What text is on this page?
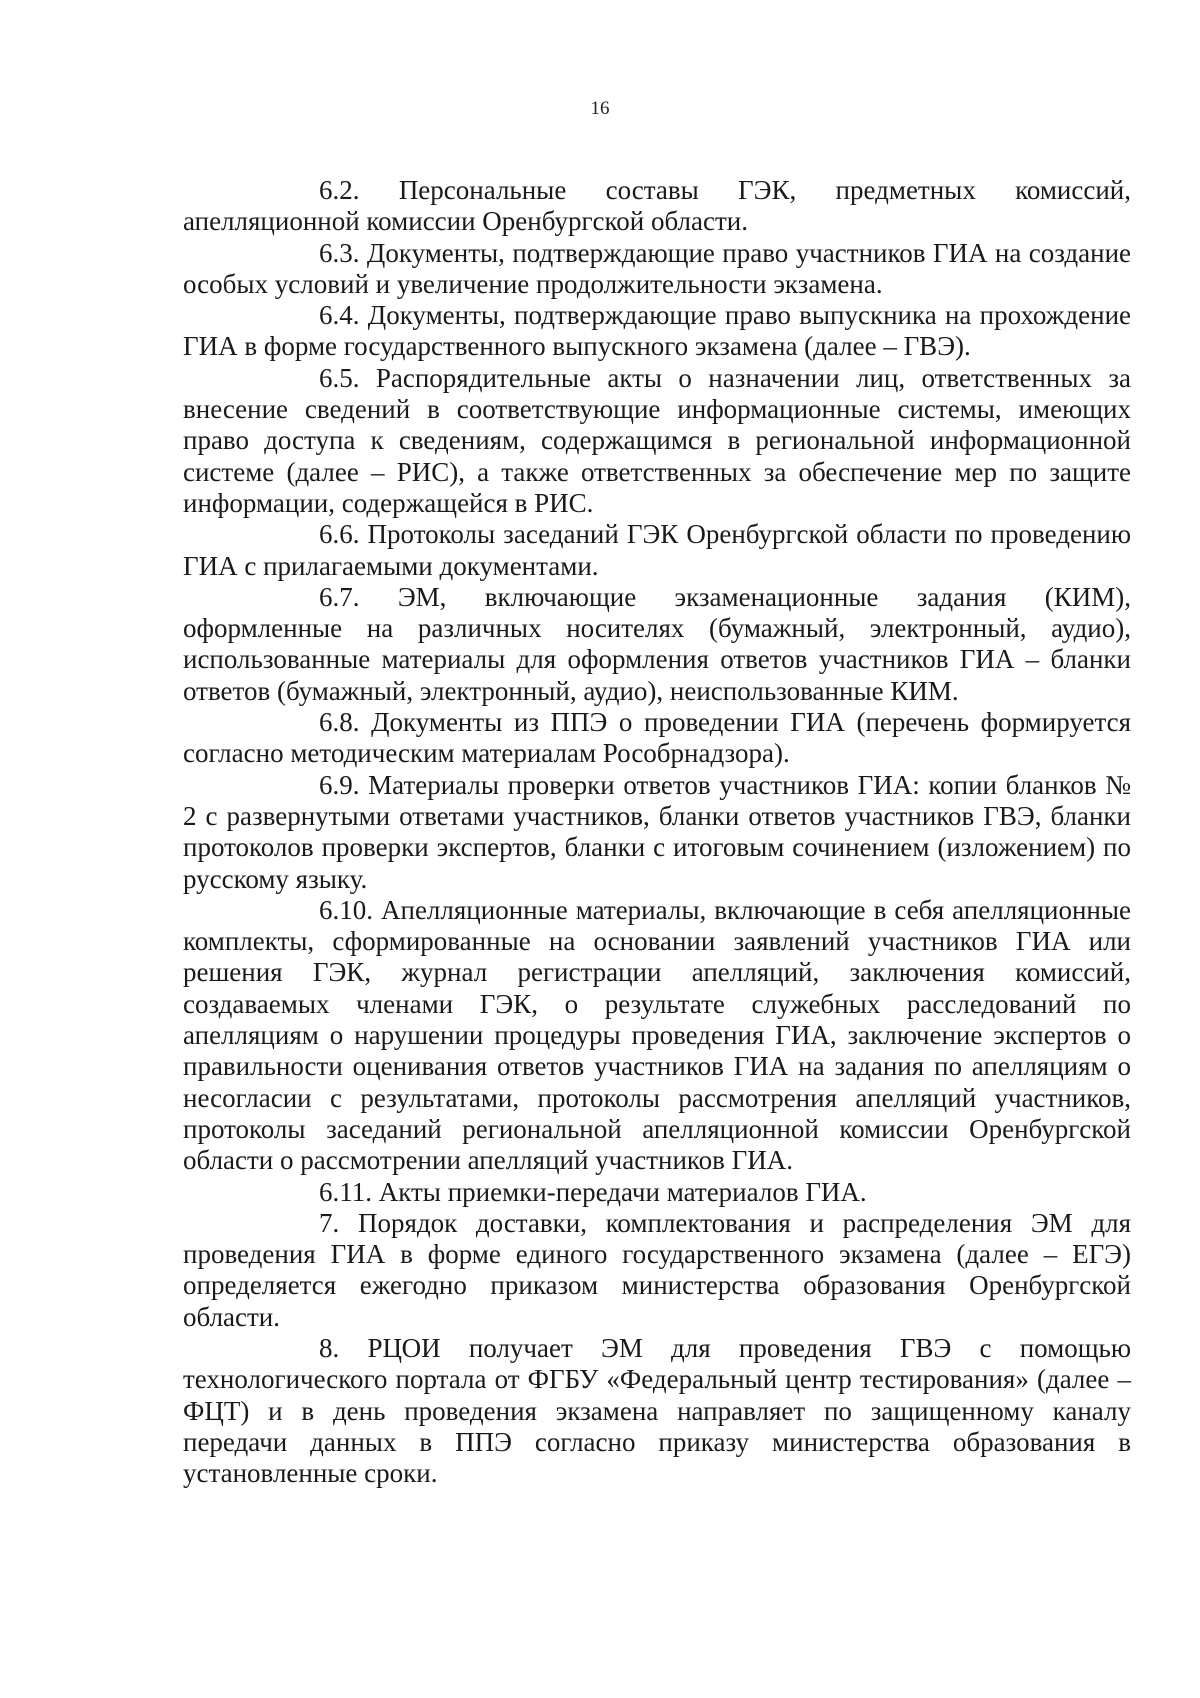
16

6.2. Персональные составы ГЭК, предметных комиссий, апелляционной комиссии Оренбургской области.

6.3. Документы, подтверждающие право участников ГИА на создание особых условий и увеличение продолжительности экзамена.

6.4. Документы, подтверждающие право выпускника на прохождение ГИА в форме государственного выпускного экзамена (далее – ГВЭ).

6.5. Распорядительные акты о назначении лиц, ответственных за внесение сведений в соответствующие информационные системы, имеющих право доступа к сведениям, содержащимся в региональной информационной системе (далее – РИС), а также ответственных за обеспечение мер по защите информации, содержащейся в РИС.

6.6. Протоколы заседаний ГЭК Оренбургской области по проведению ГИА с прилагаемыми документами.

6.7. ЭМ, включающие экзаменационные задания (КИМ), оформленные на различных носителях (бумажный, электронный, аудио), использованные материалы для оформления ответов участников ГИА – бланки ответов (бумажный, электронный, аудио), неиспользованные КИМ.

6.8. Документы из ППЭ о проведении ГИА (перечень формируется согласно методическим материалам Рособрнадзора).

6.9. Материалы проверки ответов участников ГИА: копии бланков № 2 с развернутыми ответами участников, бланки ответов участников ГВЭ, бланки протоколов проверки экспертов, бланки с итоговым сочинением (изложением) по русскому языку.

6.10. Апелляционные материалы, включающие в себя апелляционные комплекты, сформированные на основании заявлений участников ГИА или решения ГЭК, журнал регистрации апелляций, заключения комиссий, создаваемых членами ГЭК, о результате служебных расследований по апелляциям о нарушении процедуры проведения ГИА, заключение экспертов о правильности оценивания ответов участников ГИА на задания по апелляциям о несогласии с результатами, протоколы рассмотрения апелляций участников, протоколы заседаний региональной апелляционной комиссии Оренбургской области о рассмотрении апелляций участников ГИА.

6.11. Акты приемки-передачи материалов ГИА.

7. Порядок доставки, комплектования и распределения ЭМ для проведения ГИА в форме единого государственного экзамена (далее – ЕГЭ) определяется ежегодно приказом министерства образования Оренбургской области.

8. РЦОИ получает ЭМ для проведения ГВЭ с помощью технологического портала от ФГБУ «Федеральный центр тестирования» (далее – ФЦТ) и в день проведения экзамена направляет по защищенному каналу передачи данных в ППЭ согласно приказу министерства образования в установленные сроки.
